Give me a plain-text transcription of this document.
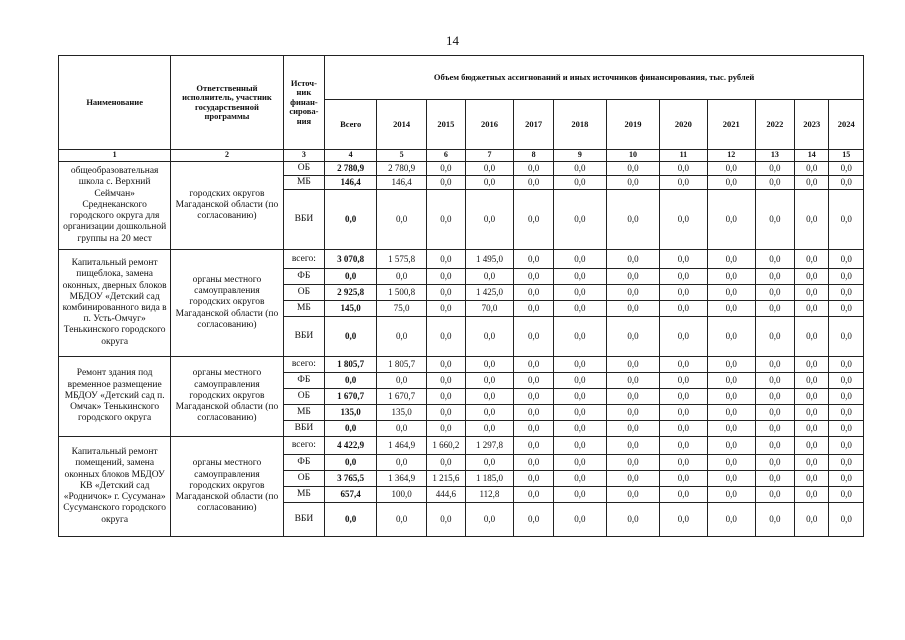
14
Наименование	Ответственный исполнитель, участник государственной программы	Источ-ник финан-сирова-ния	Объем бюджетных ассигнований и иных источников финансирования, тыс. рублей											
			Всего	2014	2015	2016	2017	2018	2019	2020	2021	2022	2023	2024
1	2	3	4	5	6	7	8	9	10	11	12	13	14	15
общеобразовательная школа с. Верхний Сеймчан» Среднеканского городского округа для организации дошкольной группы на 20 мест	городских округов Магаданской области (по согласованию)	ОБ	2 780,9	2 780,9	0,0	0,0	0,0	0,0	0,0	0,0	0,0	0,0	0,0	0,0
		МБ	146,4	146,4	0,0	0,0	0,0	0,0	0,0	0,0	0,0	0,0	0,0	0,0
		ВБИ	0,0	0,0	0,0	0,0	0,0	0,0	0,0	0,0	0,0	0,0	0,0	0,0
Капитальный ремонт пищеблока, замена оконных, дверных блоков МБДОУ «Детский сад комбинированного вида в п. Усть-Омчуг» Тенькинского городского округа	органы местного самоуправления городских округов Магаданской области (по согласованию)	всего:	3 070,8	1 575,8	0,0	1 495,0	0,0	0,0	0,0	0,0	0,0	0,0	0,0	0,0
		ФБ	0,0	0,0	0,0	0,0	0,0	0,0	0,0	0,0	0,0	0,0	0,0	0,0
		ОБ	2 925,8	1 500,8	0,0	1 425,0	0,0	0,0	0,0	0,0	0,0	0,0	0,0	0,0
		МБ	145,0	75,0	0,0	70,0	0,0	0,0	0,0	0,0	0,0	0,0	0,0	0,0
		ВБИ	0,0	0,0	0,0	0,0	0,0	0,0	0,0	0,0	0,0	0,0	0,0	0,0
Ремонт здания под временное размещение МБДОУ «Детский сад п. Омчак» Тенькинского городского округа	органы местного самоуправления городских округов Магаданской области (по согласованию)	всего:	1 805,7	1 805,7	0,0	0,0	0,0	0,0	0,0	0,0	0,0	0,0	0,0	0,0
		ФБ	0,0	0,0	0,0	0,0	0,0	0,0	0,0	0,0	0,0	0,0	0,0	0,0
		ОБ	1 670,7	1 670,7	0,0	0,0	0,0	0,0	0,0	0,0	0,0	0,0	0,0	0,0
		МБ	135,0	135,0	0,0	0,0	0,0	0,0	0,0	0,0	0,0	0,0	0,0	0,0
		ВБИ	0,0	0,0	0,0	0,0	0,0	0,0	0,0	0,0	0,0	0,0	0,0	0,0
Капитальный ремонт помещений, замена оконных блоков МБДОУ КВ «Детский сад «Родничок» г. Сусумана» Сусуманского городского округа	органы местного самоуправления городских округов Магаданской области (по согласованию)	всего:	4 422,9	1 464,9	1 660,2	1 297,8	0,0	0,0	0,0	0,0	0,0	0,0	0,0	0,0
		ФБ	0,0	0,0	0,0	0,0	0,0	0,0	0,0	0,0	0,0	0,0	0,0	0,0
		ОБ	3 765,5	1 364,9	1 215,6	1 185,0	0,0	0,0	0,0	0,0	0,0	0,0	0,0	0,0
		МБ	657,4	100,0	444,6	112,8	0,0	0,0	0,0	0,0	0,0	0,0	0,0	0,0
		ВБИ	0,0	0,0	0,0	0,0	0,0	0,0	0,0	0,0	0,0	0,0	0,0	0,0
